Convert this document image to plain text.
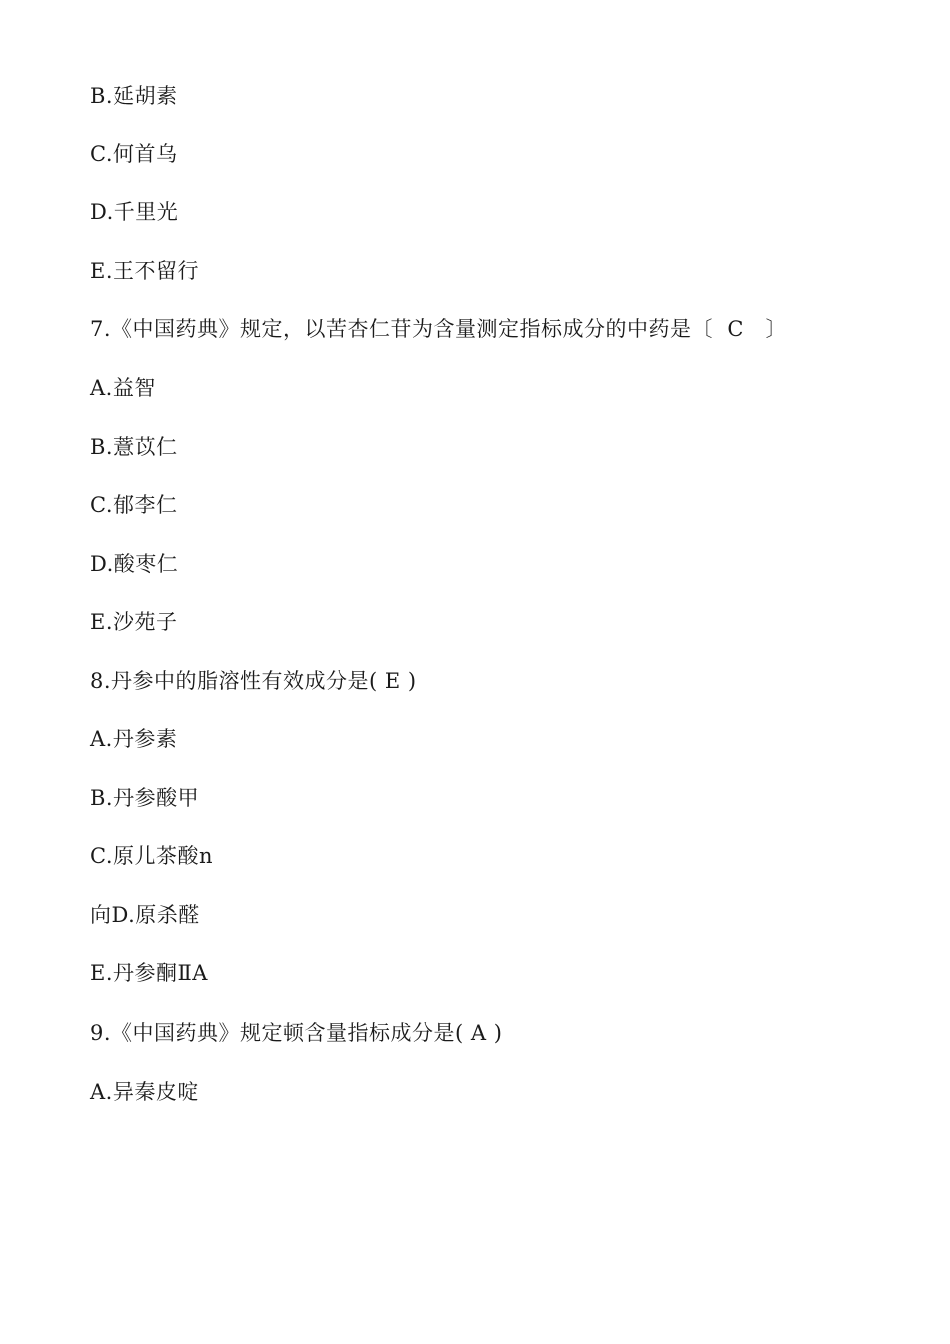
B.延胡素
C.何首乌
D.千里光
E.王不留行
7.《中国药典》规定，以苦杏仁苷为含量测定指标成分的中药是〔  C   〕
A.益智
B.薏苡仁
C.郁李仁
D.酸枣仁
E.沙苑子
8.丹参中的脂溶性有效成分是( E )
A.丹参素
B.丹参酸甲
C.原儿茶酸n
向D.原杀醛
E.丹参酮ⅡA
9.《中国药典》规定顿含量指标成分是( A )
A.异秦皮啶
